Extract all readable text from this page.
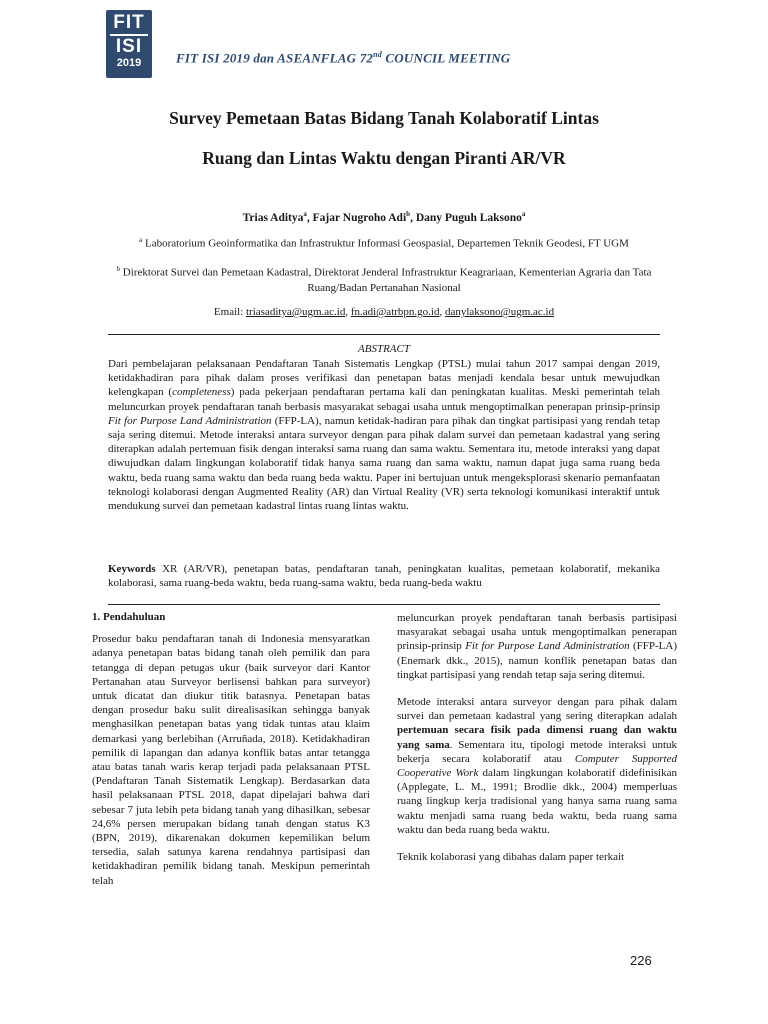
FIT
ISI
2019	FIT ISI 2019 dan ASEANFLAG 72nd COUNCIL MEETING
Survey Pemetaan Batas Bidang Tanah Kolaboratif Lintas
Ruang dan Lintas Waktu dengan Piranti AR/VR
Trias Aditya$^a$, Fajar Nugroho Adi$^b$, Dany Puguh Laksono$^a$
$^a$ Laboratorium Geoinformatika dan Infrastruktur Informasi Geospasial, Departemen Teknik Geodesi, FT UGM
$^b$ Direktorat Survei dan Pemetaan Kadastral, Direktorat Jenderal Infrastruktur Keagrariaan, Kementerian Agraria dan Tata Ruang/Badan Pertanahan Nasional
Email: triasaditya@ugm.ac.id, fn.adi@atrbpn.go.id, danylaksono@ugm.ac.id
ABSTRACT

Dari pembelajaran pelaksanaan Pendaftaran Tanah Sistematis Lengkap (PTSL) mulai tahun 2017 sampai dengan 2019, ketidakhadiran para pihak dalam proses verifikasi dan penetapan batas menjadi kendala besar untuk mewujudkan kelengkapan (completeness) pada pekerjaan pendaftaran pertama kali dan peningkatan kualitas. Meski pemerintah telah meluncurkan proyek pendaftaran tanah berbasis masyarakat sebagai usaha untuk mengoptimalkan penerapan prinsip-prinsip Fit for Purpose Land Administration (FFP-LA), namun ketidak-hadiran para pihak dan tingkat partisipasi yang rendah tetap saja sering ditemui. Metode interaksi antara surveyor dengan para pihak dalam survei dan pemetaan kadastral yang sering diterapkan adalah pertemuan fisik dengan interaksi sama ruang dan sama waktu. Sementara itu, metode interaksi yang dapat diwujudkan dalam lingkungan kolaboratif tidak hanya sama ruang dan sama waktu, namun dapat juga sama ruang beda waktu, beda ruang sama waktu dan beda ruang beda waktu. Paper ini bertujuan untuk mengeksplorasi skenario pemanfaatan teknologi kolaborasi dengan Augmented Reality (AR) dan Virtual Reality (VR) serta teknologi komunikasi interaktif untuk mendukung survei dan pemetaan kadastral lintas ruang lintas waktu.

Keywords XR (AR/VR), penetapan batas, pendaftaran tanah, peningkatan kualitas, pemetaan kolaboratif, mekanika kolaborasi, sama ruang-beda waktu, beda ruang-sama waktu, beda ruang-beda waktu

1. Pendahuluan

Prosedur baku pendaftaran tanah di Indonesia mensyaratkan adanya penetapan batas bidang tanah oleh pemilik dan para tetangga di depan petugas ukur (baik surveyor dari Kantor Pertanahan atau Surveyor berlisensi bahkan para surveyor) untuk dicatat dan diukur titik batasnya. Penetapan batas dengan prosedur baku sulit direalisasikan sehingga banyak menghasilkan penetapan batas yang tidak tuntas atau klaim demarkasi yang berlebihan (Arruñada, 2018). Ketidakhadiran pemilik di lapangan dan adanya konflik batas antar tetangga atau batas tanah waris kerap terjadi pada pelaksanaan PTSL (Pendaftaran Tanah Sistematik Lengkap). Berdasarkan data hasil pelaksanaan PTSL 2018, dapat dipelajari bahwa dari sebesar 7 juta lebih peta bidang tanah yang dihasilkan, sebesar 24,6% persen merupakan bidang tanah dengan status K3 (BPN, 2019), dikarenakan dokumen kepemilikan belum tersedia, salah satunya karena rendahnya partisipasi dan ketidakhadiran pemilik bidang tanah. Meskipun pemerintah telah

meluncurkan proyek pendaftaran tanah berbasis partisipasi masyarakat sebagai usaha untuk mengoptimalkan penerapan prinsip-prinsip Fit for Purpose Land Administration (FFP-LA) (Enemark dkk., 2015), namun konflik penetapan batas dan tingkat partisipasi yang rendah tetap saja sering ditemui.

Metode interaksi antara surveyor dengan para pihak dalam survei dan pemetaan kadastral yang sering diterapkan adalah pertemuan secara fisik pada dimensi ruang dan waktu yang sama. Sementara itu, tipologi metode interaksi untuk bekerja secara kolaboratif atau Computer Supported Cooperative Work dalam lingkungan kolaboratif didefinisikan (Applegate, L. M., 1991; Brodlie dkk., 2004) memperluas ruang lingkup kerja tradisional yang hanya sama ruang sama waktu menjadi sama ruang beda waktu, beda ruang sama waktu dan beda ruang beda waktu.

Teknik kolaborasi yang dibahas dalam paper terkait

226
